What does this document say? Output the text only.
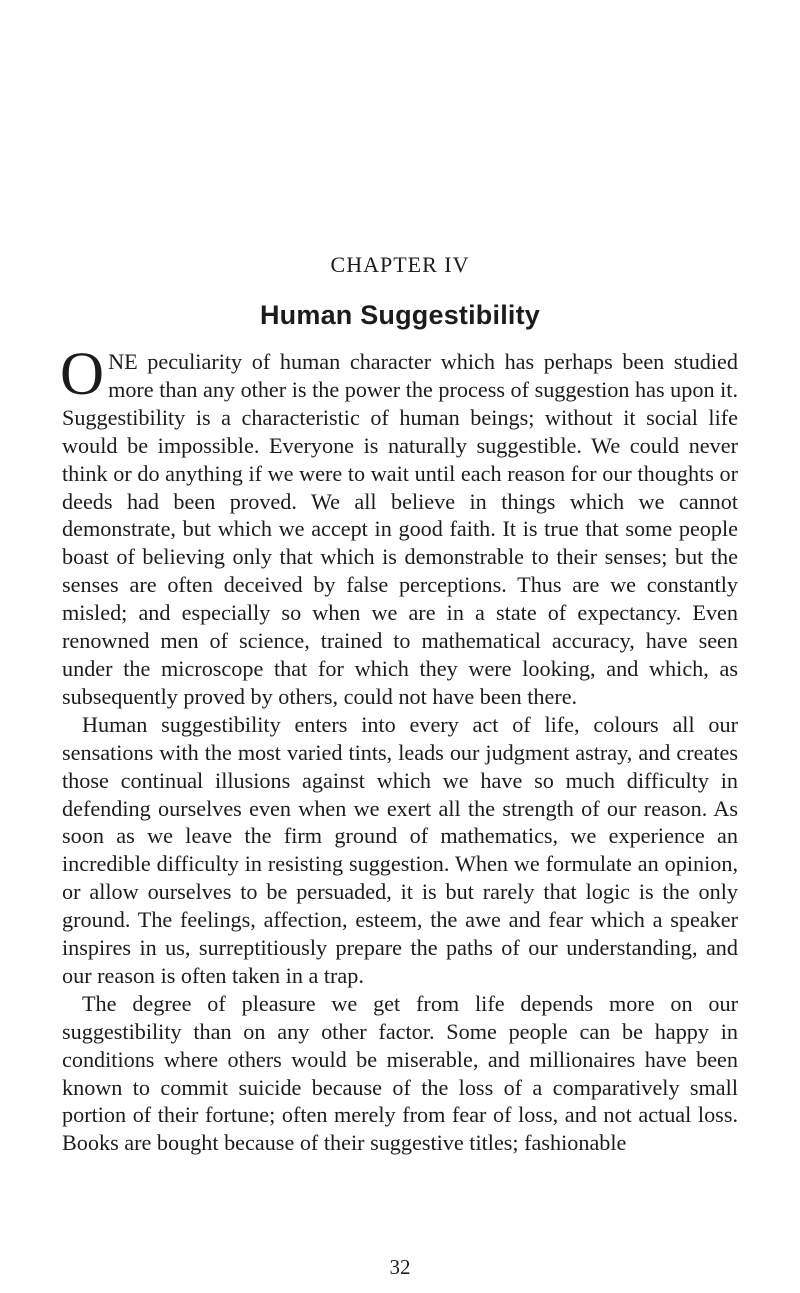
CHAPTER IV
Human Suggestibility

ONE peculiarity of human character which has perhaps been studied more than any other is the power the process of suggestion has upon it. Suggestibility is a characteristic of human beings; without it social life would be impossible. Everyone is naturally suggestible. We could never think or do anything if we were to wait until each reason for our thoughts or deeds had been proved. We all believe in things which we cannot demonstrate, but which we accept in good faith. It is true that some people boast of believing only that which is demonstrable to their senses; but the senses are often deceived by false perceptions. Thus are we constantly misled; and especially so when we are in a state of expectancy. Even renowned men of science, trained to mathematical accuracy, have seen under the microscope that for which they were looking, and which, as subsequently proved by others, could not have been there.

Human suggestibility enters into every act of life, colours all our sensations with the most varied tints, leads our judgment astray, and creates those continual illusions against which we have so much difficulty in defending ourselves even when we exert all the strength of our reason. As soon as we leave the firm ground of mathematics, we experience an incredible difficulty in resisting suggestion. When we formulate an opinion, or allow ourselves to be persuaded, it is but rarely that logic is the only ground. The feelings, affection, esteem, the awe and fear which a speaker inspires in us, surreptitiously prepare the paths of our understanding, and our reason is often taken in a trap.

The degree of pleasure we get from life depends more on our suggestibility than on any other factor. Some people can be happy in conditions where others would be miserable, and millionaires have been known to commit suicide because of the loss of a comparatively small portion of their fortune; often merely from fear of loss, and not actual loss. Books are bought because of their suggestive titles; fashionable

32
